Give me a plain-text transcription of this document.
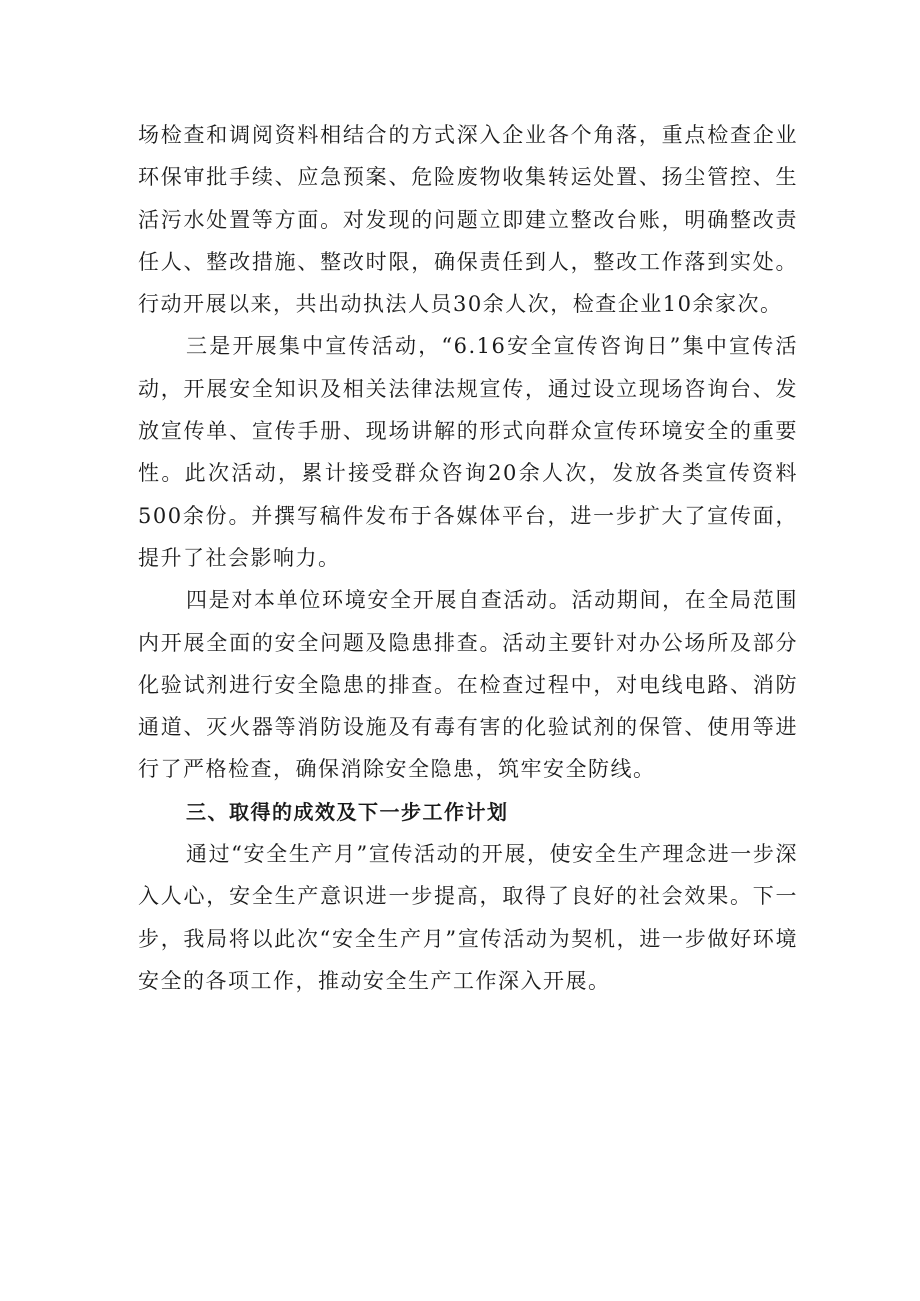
场检查和调阅资料相结合的方式深入企业各个角落，重点检查企业环保审批手续、应急预案、危险废物收集转运处置、扬尘管控、生活污水处置等方面。对发现的问题立即建立整改台账，明确整改责任人、整改措施、整改时限，确保责任到人，整改工作落到实处。行动开展以来，共出动执法人员30余人次，检查企业10余家次。

三是开展集中宣传活动，“6.16安全宣传咨询日”集中宣传活动，开展安全知识及相关法律法规宣传，通过设立现场咨询台、发放宣传单、宣传手册、现场讲解的形式向群众宣传环境安全的重要性。此次活动，累计接受群众咨询20余人次，发放各类宣传资料500余份。并撰写稿件发布于各媒体平台，进一步扩大了宣传面，提升了社会影响力。

四是对本单位环境安全开展自查活动。活动期间，在全局范围内开展全面的安全问题及隐患排查。活动主要针对办公场所及部分化验试剂进行安全隐患的排查。在检查过程中，对电线电路、消防通道、灭火器等消防设施及有毒有害的化验试剂的保管、使用等进行了严格检查，确保消除安全隐患，筑牢安全防线。

三、取得的成效及下一步工作计划

通过“安全生产月”宣传活动的开展，使安全生产理念进一步深入人心，安全生产意识进一步提高，取得了良好的社会效果。下一步，我局将以此次“安全生产月”宣传活动为契机，进一步做好环境安全的各项工作，推动安全生产工作深入开展。
